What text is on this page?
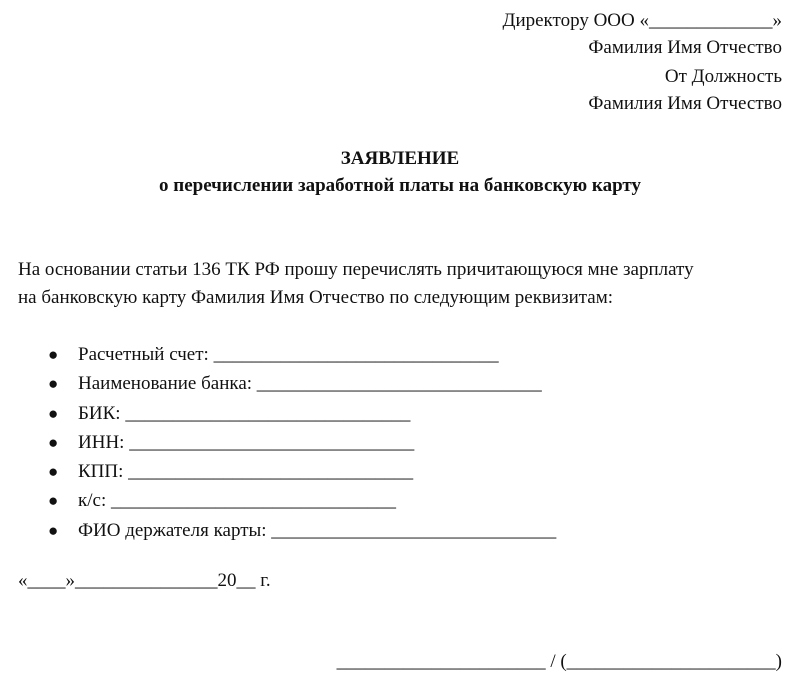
Директору ООО «_____________»
Фамилия Имя Отчество
От Должность
Фамилия Имя Отчество
ЗАЯВЛЕНИЕ
о перечислении заработной платы на банковскую карту
На основании статьи 136 ТК РФ прошу перечислять причитающуюся мне зарплату
на банковскую карту Фамилия Имя Отчество по следующим реквизитам:
● Расчетный счет: ______________________________
● Наименование банка: ______________________________
● БИК: ______________________________
● ИНН: ______________________________
● КПП: ______________________________
● к/с: ______________________________
● ФИО держателя карты: ______________________________
«____»_______________20__ г.
______________________ / (______________________)
